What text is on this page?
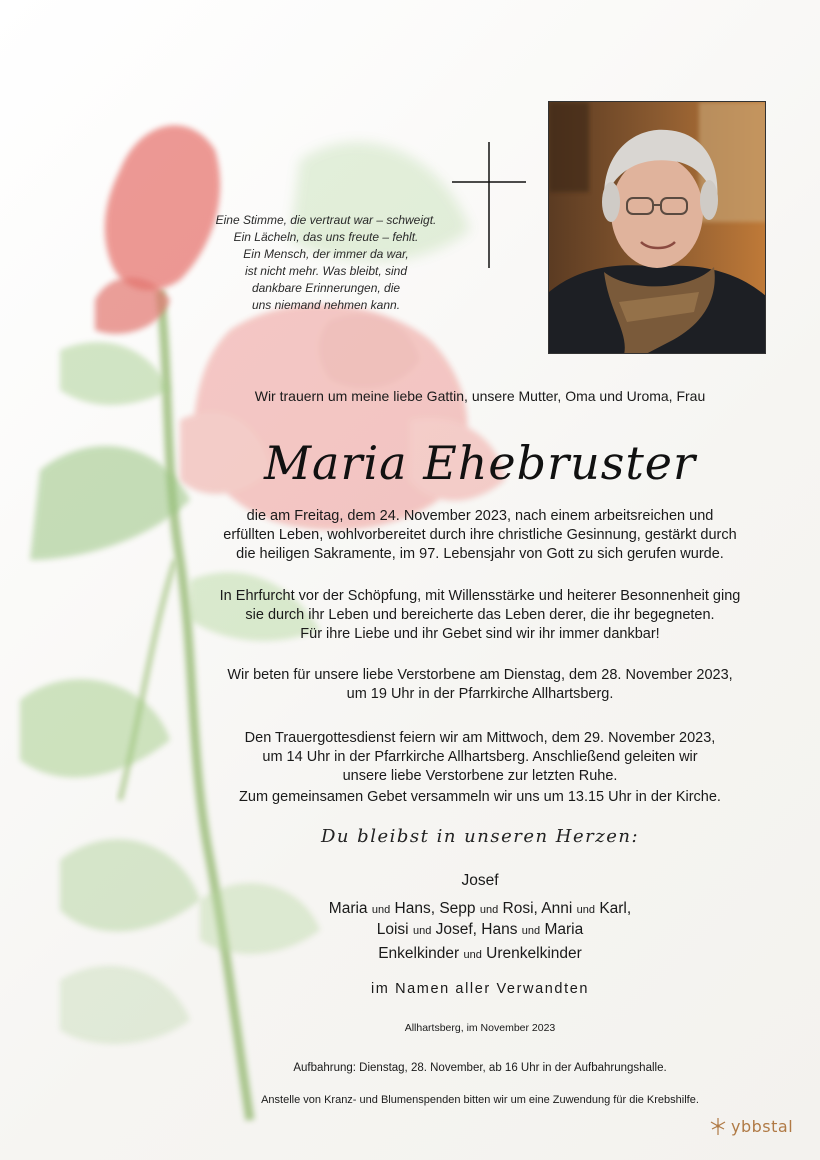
Eine Stimme, die vertraut war – schweigt.
Ein Lächeln, das uns freute – fehlt.
Ein Mensch, der immer da war,
ist nicht mehr. Was bleibt, sind
dankbare Erinnerungen, die
uns niemand nehmen kann.
Wir trauern um meine liebe Gattin, unsere Mutter, Oma und Uroma, Frau
Maria Ehebruster
die am Freitag, dem 24. November 2023, nach einem arbeitsreichen und
erfüllten Leben, wohlvorbereitet durch ihre christliche Gesinnung, gestärkt durch
die heiligen Sakramente, im 97. Lebensjahr von Gott zu sich gerufen wurde.
In Ehrfurcht vor der Schöpfung, mit Willensstärke und heiterer Besonnenheit ging
sie durch ihr Leben und bereicherte das Leben derer, die ihr begegneten.
Für ihre Liebe und ihr Gebet sind wir ihr immer dankbar!
Wir beten für unsere liebe Verstorbene am Dienstag, dem 28. November 2023,
um 19 Uhr in der Pfarrkirche Allhartsberg.
Den Trauergottesdienst feiern wir am Mittwoch, dem 29. November 2023,
um 14 Uhr in der Pfarrkirche Allhartsberg. Anschließend geleiten wir
unsere liebe Verstorbene zur letzten Ruhe.
Zum gemeinsamen Gebet versammeln wir uns um 13.15 Uhr in der Kirche.
Du bleibst in unseren Herzen:
Josef
Maria und Hans, Sepp und Rosi, Anni und Karl,
Loisi und Josef, Hans und Maria
Enkelkinder und Urenkelkinder
im Namen aller Verwandten
Allhartsberg, im November 2023
Aufbahrung: Dienstag, 28. November, ab 16 Uhr in der Aufbahrungshalle.
Anstelle von Kranz- und Blumenspenden bitten wir um eine Zuwendung für die Krebshilfe.
ybbstal
